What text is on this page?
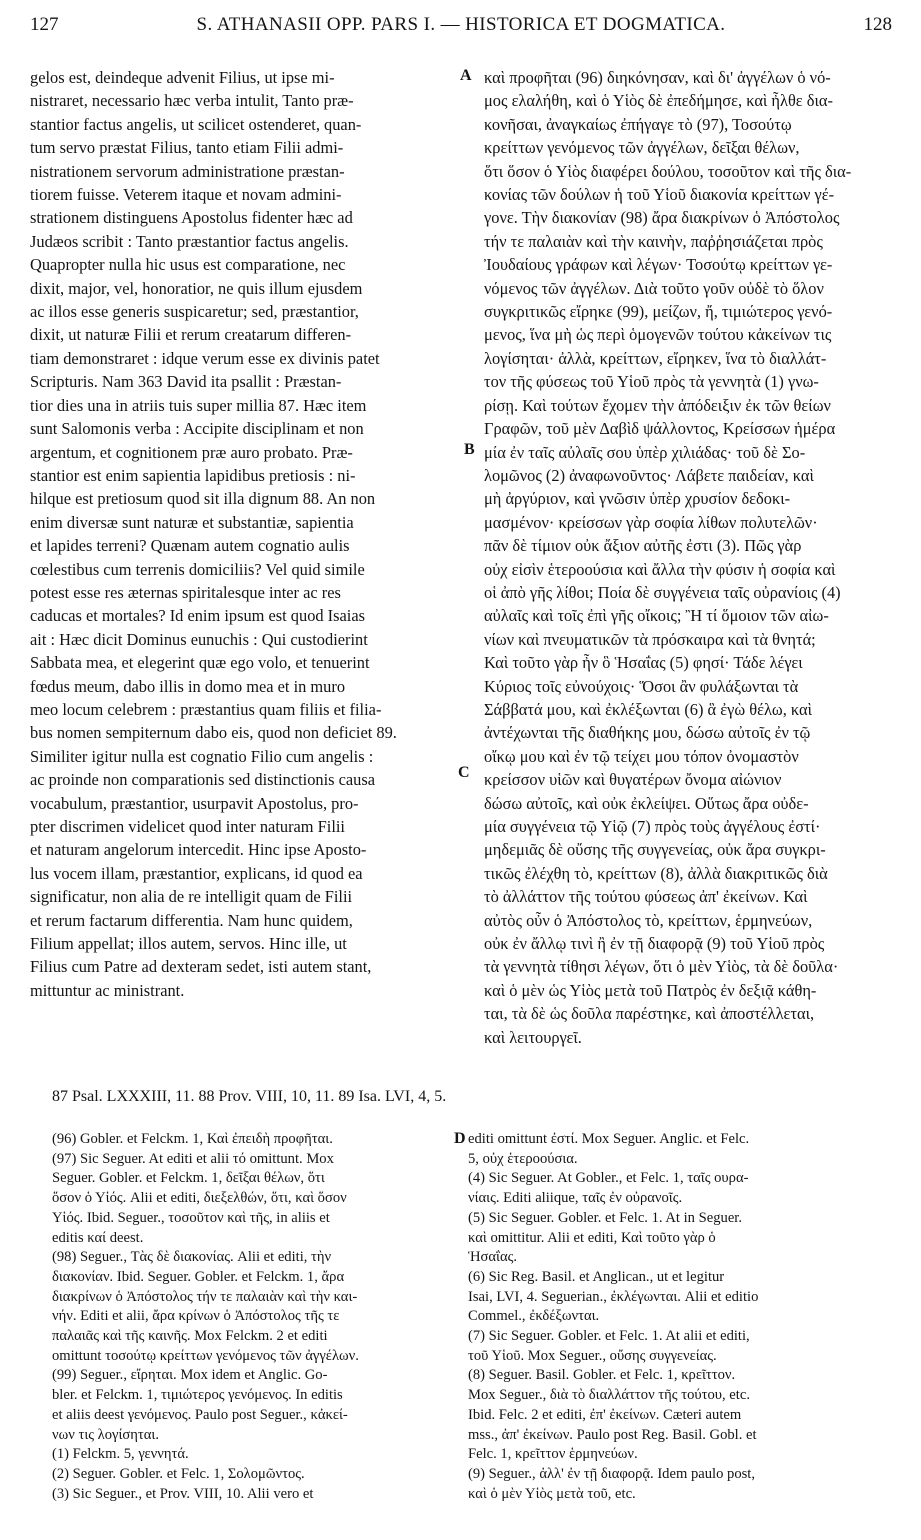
127	S. ATHANASII OPP. PARS I. — HISTORICA ET DOGMATICA.	128
gelos est, deindeque advenit Filius, ut ipse mi-
nistraret, necessario hæc verba intulit, Tanto præ-
stantior factus angelis, ut scilicet ostenderet, quan-
tum servo præstat Filius, tanto etiam Filii admi-
nistrationem servorum administratione præstan-
tiorem fuisse. Veterem itaque et novam admini-
strationem distinguens Apostolus fidenter hæc ad
Judæos scribit : Tanto præstantior factus angelis.
Quapropter nulla hic usus est comparatione, nec
dixit, major, vel, honoratior, ne quis illum ejusdem
ac illos esse generis suspicaretur; sed, præstantior,
dixit, ut naturæ Filii et rerum creatarum differen-
tiam demonstraret : idque verum esse ex divinis patet
Scripturis. Nam 363 David ita psallit : Præstan-
tior dies una in atriis tuis super millia 87. Hæc item
sunt Salomonis verba : Accipite disciplinam et non
argentum, et cognitionem præ auro probato. Præ-
stantior est enim sapientia lapidibus pretiosis : ni-
hilque est pretiosum quod sit illa dignum 88. An non
enim diversæ sunt naturæ et substantiæ, sapientia
et lapides terreni? Quænam autem cognatio aulis
cœlestibus cum terrenis domiciliis? Vel quid simile
potest esse res æternas spiritalesque inter ac res
caducas et mortales? Id enim ipsum est quod Isaias
ait : Hæc dicit Dominus eunuchis : Qui custodierint
Sabbata mea, et elegerint quæ ego volo, et tenuerint
fœdus meum, dabo illis in domo mea et in muro
meo locum celebrem : præstantius quam filiis et filia-
bus nomen sempiternum dabo eis, quod non deficiet 89.
Similiter igitur nulla est cognatio Filio cum angelis :
ac proinde non comparationis sed distinctionis causa
vocabulum, præstantior, usurpavit Apostolus, pro-
pter discrimen videlicet quod inter naturam Filii
et naturam angelorum intercedit. Hinc ipse Aposto-
lus vocem illam, præstantior, explicans, id quod ea
significatur, non alia de re intelligit quam de Filii
et rerum factarum differentia. Nam hunc quidem,
Filium appellat; illos autem, servos. Hinc ille, ut
Filius cum Patre ad dexteram sedet, isti autem stant,
mittuntur ac ministrant.
καὶ προφῆται (96) διηκόνησαν, καὶ δι' ἀγγέλων ὁ νό-
μος ελαλήθη, καὶ ὁ Υἱὸς δὲ ἐπεδήμησε, καὶ ἦλθε δια-
κονῆσαι, ἀναγκαίως ἐπήγαγε τὸ (97), Τοσούτῳ
κρείττων γενόμενος τῶν ἀγγέλων, δεῖξαι θέλων,
ὅτι ὅσον ὁ Υἱὸς διαφέρει δούλου, τοσοῦτον καὶ τῆς δια-
κονίας τῶν δούλων ἡ τοῦ Υἱοῦ διακονία κρείττων γέ-
γονε. Τὴν διακονίαν (98) ἄρα διακρίνων ὁ Ἀπόστολος
τήν τε παλαιὰν καὶ τὴν καινὴν, παῤῥησιάζεται πρὸς
Ἰουδαίους γράφων καὶ λέγων· Τοσούτῳ κρείττων γε-
νόμενος τῶν ἀγγέλων. Διὰ τοῦτο γοῦν οὐδὲ τὸ ὅλον
συγκριτικῶς εἴρηκε (99), μείζων, ἤ, τιμιώτερος γενό-
μενος, ἵνα μὴ ὡς περὶ ὁμογενῶν τούτου κἀκείνων τις
λογίσηται· ἀλλὰ, κρείττων, εἴρηκεν, ἵνα τὸ διαλλάτ-
τον τῆς φύσεως τοῦ Υἱοῦ πρὸς τὰ γεννητὰ (1) γνω-
ρίσῃ. Καὶ τούτων ἔχομεν τὴν ἀπόδειξιν ἐκ τῶν θείων
Γραφῶν, τοῦ μὲν Δαβὶδ ψάλλοντος, Κρείσσων ἡμέρα
μία ἐν ταῖς αὐλαῖς σου ὑπὲρ χιλιάδας· τοῦ δὲ Σο-
λομῶνος (2) ἀναφωνοῦντος· Λάβετε παιδείαν, καὶ
μὴ ἀργύριον, καὶ γνῶσιν ὑπὲρ χρυσίον δεδοκι-
μασμένον· κρείσσων γὰρ σοφία λίθων πολυτελῶν·
πᾶν δὲ τίμιον οὐκ ἄξιον αὐτῆς ἐστι (3). Πῶς γὰρ
οὐχ εἰσὶν ἑτεροούσια καὶ ἄλλα τὴν φύσιν ἡ σοφία καὶ
οἱ ἀπὸ γῆς λίθοι; Ποία δὲ συγγένεια ταῖς οὐρανίοις (4)
αὐλαῖς καὶ τοῖς ἐπὶ γῆς οἴκοις; Ἢ τί ὅμοιον τῶν αἰω-
νίων καὶ πνευματικῶν τὰ πρόσκαιρα καὶ τὰ θνητά;
Καὶ τοῦτο γὰρ ἦν ὃ Ἡσαΐας (5) φησί· Τάδε λέγει
Κύριος τοῖς εὐνούχοις· Ὅσοι ἂν φυλάξωνται τὰ
Σάββατά μου, καὶ ἐκλέξωνται (6) ἃ ἐγὼ θέλω, καὶ
ἀντέχωνται τῆς διαθήκης μου, δώσω αὐτοῖς ἐν τῷ
οἴκῳ μου καὶ ἐν τῷ τείχει μου τόπον ὀνομαστὸν
κρείσσον υἱῶν καὶ θυγατέρων ὄνομα αἰώνιον
δώσω αὐτοῖς, καὶ οὐκ ἐκλείψει. Οὕτως ἄρα οὐδε-
μία συγγένεια τῷ Υἱῷ (7) πρὸς τοὺς ἀγγέλους ἐστί·
μηδεμιᾶς δὲ οὔσης τῆς συγγενείας, οὐκ ἄρα συγκρι-
τικῶς ἐλέχθη τὸ, κρείττων (8), ἀλλὰ διακριτικῶς διὰ
τὸ ἀλλάττον τῆς τούτου φύσεως ἀπ' ἐκείνων. Καὶ
αὐτὸς οὖν ὁ Ἀπόστολος τὸ, κρείττων, ἑρμηνεύων,
οὐκ ἐν ἄλλῳ τινὶ ἢ ἐν τῇ διαφορᾷ (9) τοῦ Υἱοῦ πρὸς
τὰ γεννητὰ τίθησι λέγων, ὅτι ὁ μὲν Υἱὸς, τὰ δὲ δοῦλα·
καὶ ὁ μὲν ὡς Υἱὸς μετὰ τοῦ Πατρὸς ἐν δεξιᾷ κάθη-
ται, τὰ δὲ ὡς δοῦλα παρέστηκε, καὶ ἀποστέλλεται,
καὶ λειτουργεῖ.
A
B
C
D
87 Psal. LXXXIII, 11. 88 Prov. VIII, 10, 11. 89 Isa. LVI, 4, 5.
(96) Gobler. et Felckm. 1, Καὶ ἐπειδὴ προφῆται.
(97) Sic Seguer. At editi et alii τό omittunt. Mox
Seguer. Gobler. et Felckm. 1, δεῖξαι θέλων, ὅτι
ὅσον ὁ Υἱός. Alii et editi, διεξελθών, ὅτι, καὶ ὅσον
Υἱός. Ibid. Seguer., τοσοῦτον καὶ τῆς, in aliis et
editis καί deest.
(98) Seguer., Τὰς δὲ διακονίας. Alii et editi, τὴν
διακονίαν. Ibid. Seguer. Gobler. et Felckm. 1, ἄρα
διακρίνων ὁ Ἀπόστολος τήν τε παλαιὰν καὶ τὴν και-
νήν. Editi et alii, ἄρα κρίνων ὁ Ἀπόστολος τῆς τε
παλαιᾶς καὶ τῆς καινῆς. Mox Felckm. 2 et editi
omittunt τοσούτῳ κρείττων γενόμενος τῶν ἀγγέλων.
(99) Seguer., εἴρηται. Mox idem et Anglic. Go-
bler. et Felckm. 1, τιμιώτερος γενόμενος. In editis
et aliis deest γενόμενος. Paulo post Seguer., κἀκεί-
νων τις λογίσηται.
(1) Felckm. 5, γεννητά.
(2) Seguer. Gobler. et Felc. 1, Σολομῶντος.
(3) Sic Seguer., et Prov. VIII, 10. Alii vero et
editi omittunt ἐστί. Mox Seguer. Anglic. et Felc.
5, οὐχ ἑτεροούσια.
(4) Sic Seguer. At Gobler., et Felc. 1, ταῖς ουρα-
νίαις. Editi aliique, ταῖς ἐν οὐρανοῖς.
(5) Sic Seguer. Gobler. et Felc. 1. At in Seguer.
καὶ omittitur. Alii et editi, Καὶ τοῦτο γὰρ ὁ
Ἡσαΐας.
(6) Sic Reg. Basil. et Anglican., ut et legitur
Isai, LVI, 4. Seguerian., ἐκλέγωνται. Alii et editio
Commel., ἐκδέξωνται.
(7) Sic Seguer. Gobler. et Felc. 1. At alii et editi,
τοῦ Υἱοῦ. Mox Seguer., οὔσης συγγενείας.
(8) Seguer. Basil. Gobler. et Felc. 1, κρεῖττον.
Mox Seguer., διὰ τὸ διαλλάττον τῆς τούτου, etc.
Ibid. Felc. 2 et editi, ἐπ' ἐκείνων. Cæteri autem
mss., ἀπ' ἐκείνων. Paulo post Reg. Basil. Gobl. et
Felc. 1, κρεῖττον ἑρμηνεύων.
(9) Seguer., ἀλλ' ἐν τῇ διαφορᾷ. Idem paulo post,
καὶ ὁ μὲν Υἱὸς μετὰ τοῦ, etc.
